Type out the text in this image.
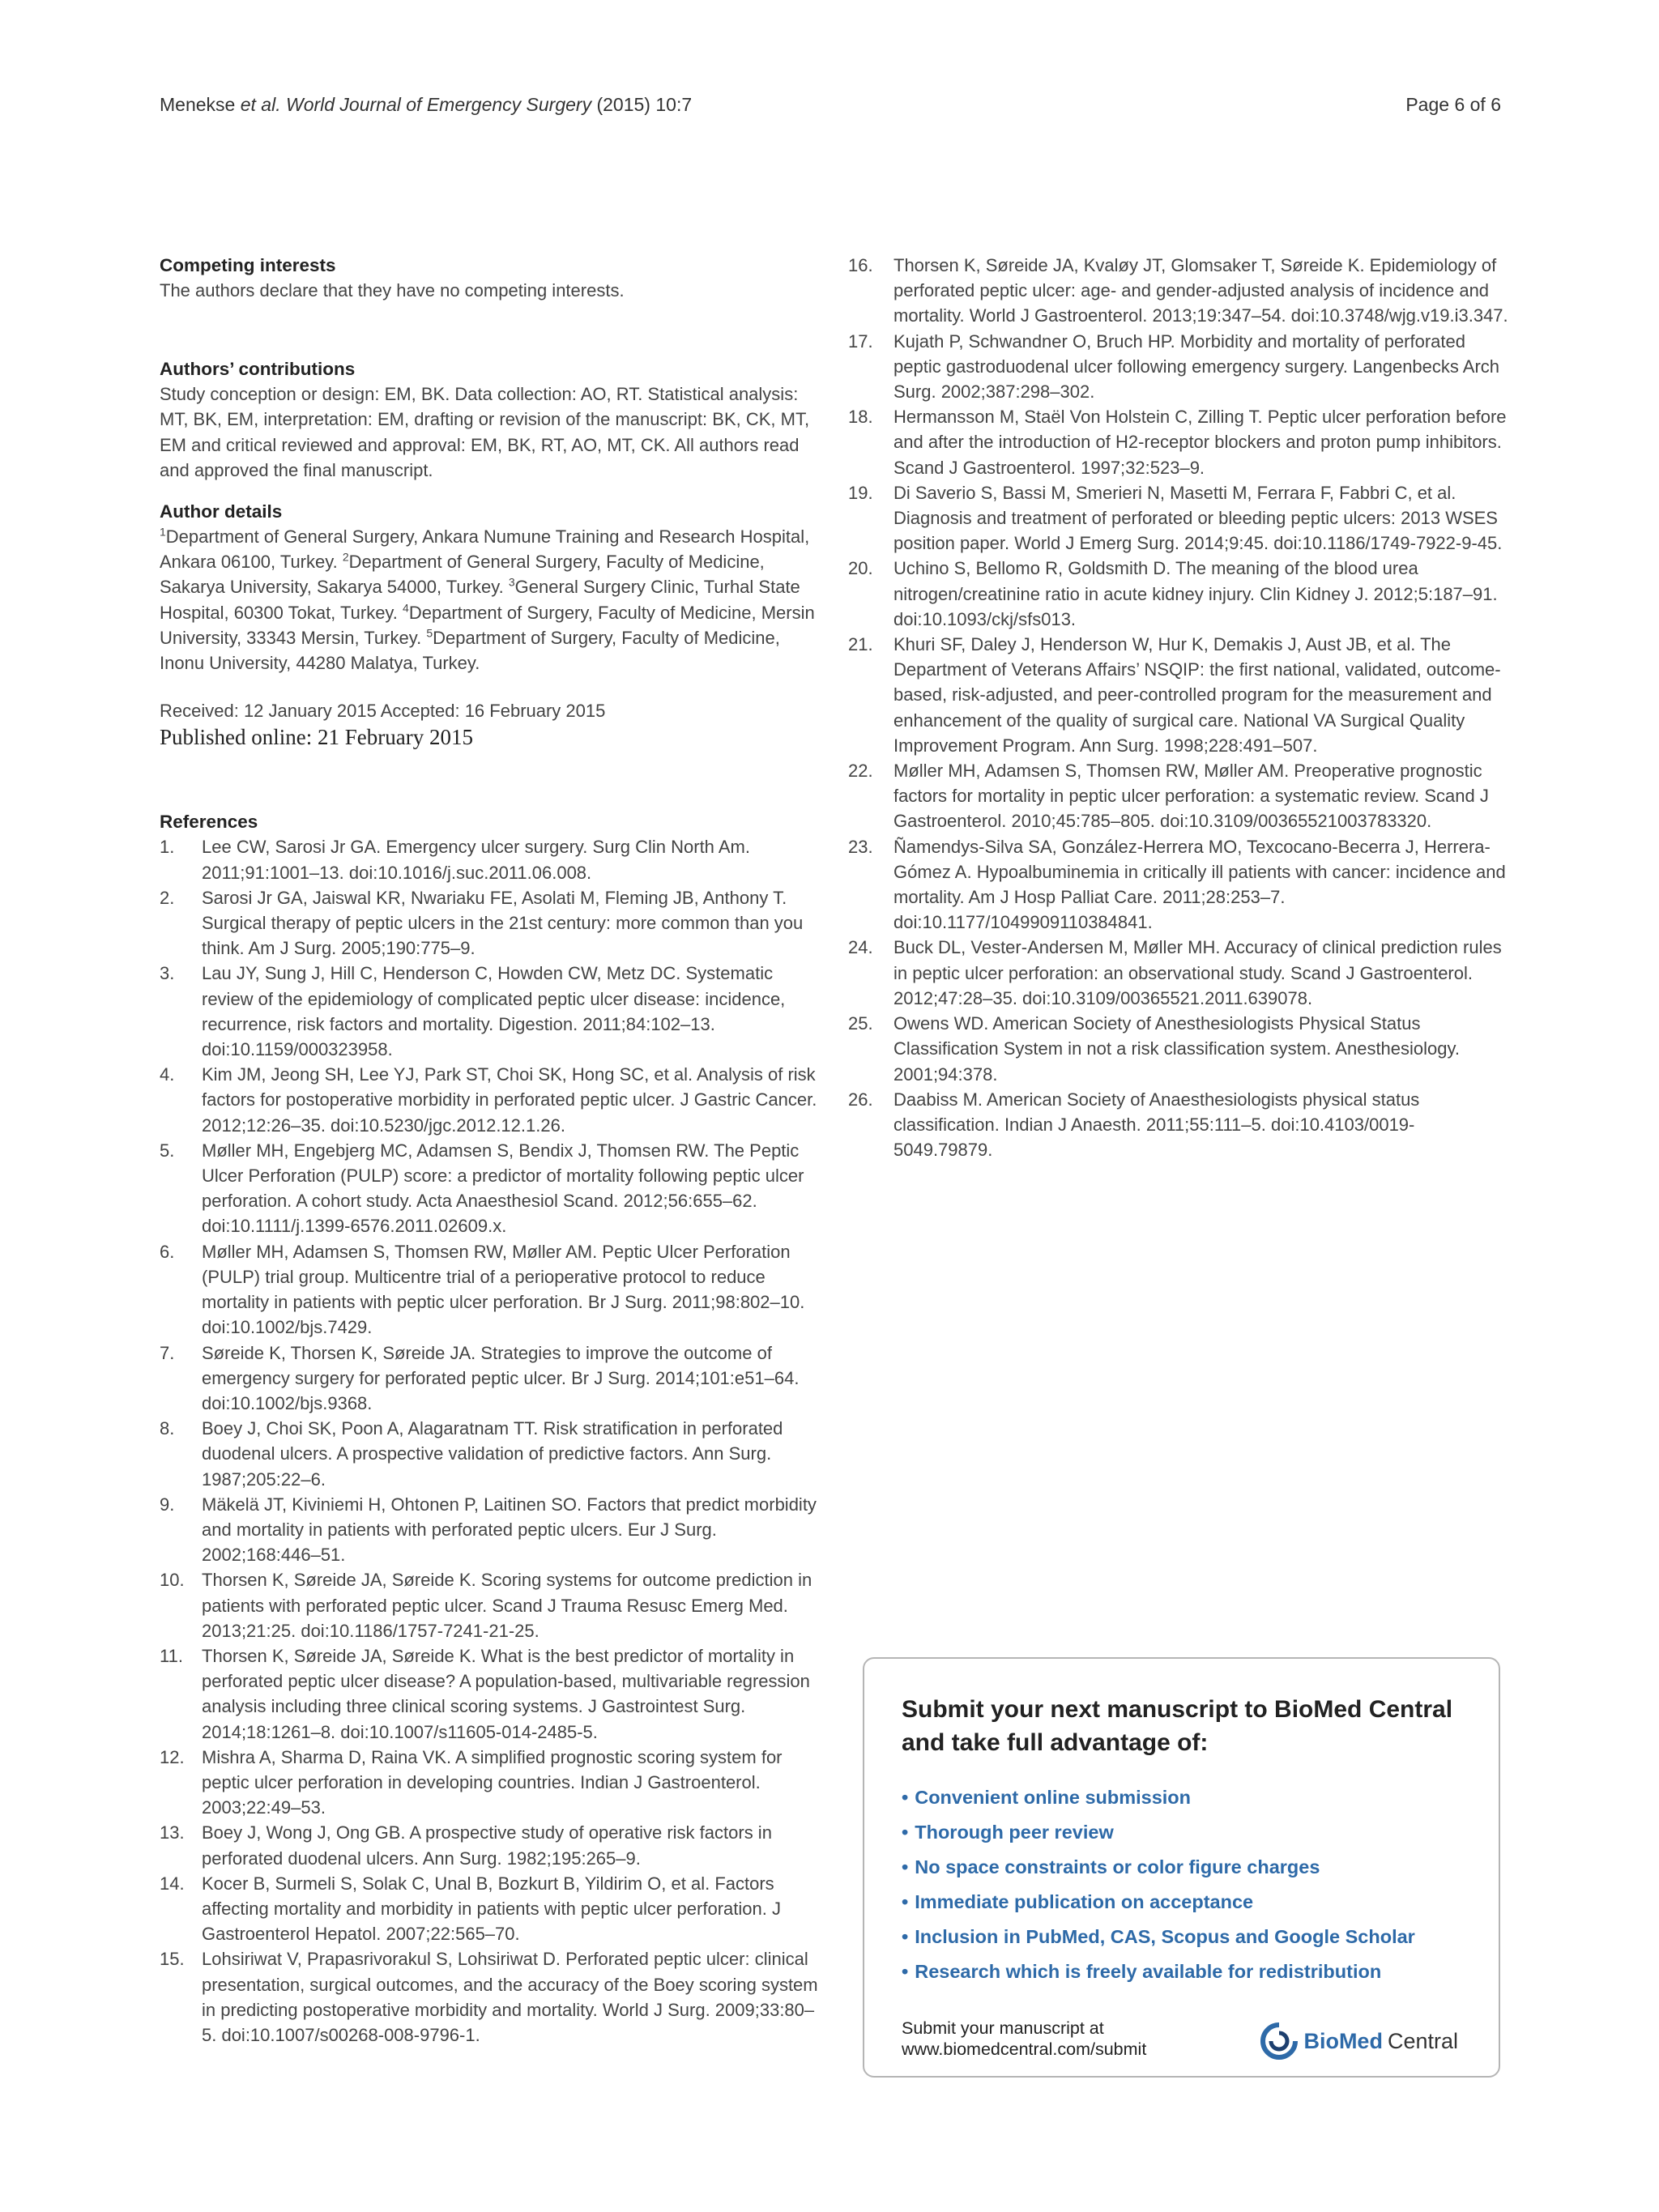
Menekse et al. World Journal of Emergency Surgery (2015) 10:7	Page 6 of 6
Competing interests

The authors declare that they have no competing interests.

Authors’ contributions

Study conception or design: EM, BK. Data collection: AO, RT. Statistical analysis: MT, BK, EM, interpretation: EM, drafting or revision of the manuscript: BK, CK, MT, EM and critical reviewed and approval: EM, BK, RT, AO, MT, CK. All authors read and approved the final manuscript.

Author details

$^1$Department of General Surgery, Ankara Numune Training and Research Hospital, Ankara 06100, Turkey. $^2$Department of General Surgery, Faculty of Medicine, Sakarya University, Sakarya 54000, Turkey. $^3$General Surgery Clinic, Turhal State Hospital, 60300 Tokat, Turkey. $^4$Department of Surgery, Faculty of Medicine, Mersin University, 33343 Mersin, Turkey. $^5$Department of Surgery, Faculty of Medicine, Inonu University, 44280 Malatya, Turkey.

Received: 12 January 2015 Accepted: 16 February 2015

Published online: 21 February 2015

References
1.	Lee CW, Sarosi Jr GA. Emergency ulcer surgery. Surg Clin North Am. 2011;91:1001–13. doi:10.1016/j.suc.2011.06.008.
2.	Sarosi Jr GA, Jaiswal KR, Nwariaku FE, Asolati M, Fleming JB, Anthony T. Surgical therapy of peptic ulcers in the 21st century: more common than you think. Am J Surg. 2005;190:775–9.
3.	Lau JY, Sung J, Hill C, Henderson C, Howden CW, Metz DC. Systematic review of the epidemiology of complicated peptic ulcer disease: incidence, recurrence, risk factors and mortality. Digestion. 2011;84:102–13. doi:10.1159/000323958.
4.	Kim JM, Jeong SH, Lee YJ, Park ST, Choi SK, Hong SC, et al. Analysis of risk factors for postoperative morbidity in perforated peptic ulcer. J Gastric Cancer. 2012;12:26–35. doi:10.5230/jgc.2012.12.1.26.
5.	Møller MH, Engebjerg MC, Adamsen S, Bendix J, Thomsen RW. The Peptic Ulcer Perforation (PULP) score: a predictor of mortality following peptic ulcer perforation. A cohort study. Acta Anaesthesiol Scand. 2012;56:655–62. doi:10.1111/j.1399-6576.2011.02609.x.
6.	Møller MH, Adamsen S, Thomsen RW, Møller AM. Peptic Ulcer Perforation (PULP) trial group. Multicentre trial of a perioperative protocol to reduce mortality in patients with peptic ulcer perforation. Br J Surg. 2011;98:802–10. doi:10.1002/bjs.7429.
7.	Søreide K, Thorsen K, Søreide JA. Strategies to improve the outcome of emergency surgery for perforated peptic ulcer. Br J Surg. 2014;101:e51–64. doi:10.1002/bjs.9368.
8.	Boey J, Choi SK, Poon A, Alagaratnam TT. Risk stratification in perforated duodenal ulcers. A prospective validation of predictive factors. Ann Surg. 1987;205:22–6.
9.	Mäkelä JT, Kiviniemi H, Ohtonen P, Laitinen SO. Factors that predict morbidity and mortality in patients with perforated peptic ulcers. Eur J Surg. 2002;168:446–51.
10. Thorsen K, Søreide JA, Søreide K. Scoring systems for outcome prediction in patients with perforated peptic ulcer. Scand J Trauma Resusc Emerg Med. 2013;21:25. doi:10.1186/1757-7241-21-25.
11.	Thorsen K, Søreide JA, Søreide K. What is the best predictor of mortality in perforated peptic ulcer disease? A population-based, multivariable regression analysis including three clinical scoring systems. J Gastrointest Surg. 2014;18:1261–8. doi:10.1007/s11605-014-2485-5.
12. Mishra A, Sharma D, Raina VK. A simplified prognostic scoring system for peptic ulcer perforation in developing countries. Indian J Gastroenterol. 2003;22:49–53.
13. Boey J, Wong J, Ong GB. A prospective study of operative risk factors in perforated duodenal ulcers. Ann Surg. 1982;195:265–9.
14. Kocer B, Surmeli S, Solak C, Unal B, Bozkurt B, Yildirim O, et al. Factors affecting mortality and morbidity in patients with peptic ulcer perforation. J Gastroenterol Hepatol. 2007;22:565–70.
15. Lohsiriwat V, Prapasrivorakul S, Lohsiriwat D. Perforated peptic ulcer: clinical presentation, surgical outcomes, and the accuracy of the Boey scoring system in predicting postoperative morbidity and mortality. World J Surg. 2009;33:80–5. doi:10.1007/s00268-008-9796-1.
16.	Thorsen K, Søreide JA, Kvaløy JT, Glomsaker T, Søreide K. Epidemiology of perforated peptic ulcer: age- and gender-adjusted analysis of incidence and mortality. World J Gastroenterol. 2013;19:347–54. doi:10.3748/wjg.v19.i3.347.
17.	Kujath P, Schwandner O, Bruch HP. Morbidity and mortality of perforated peptic gastroduodenal ulcer following emergency surgery. Langenbecks Arch Surg. 2002;387:298–302.
18.	Hermansson M, Staël Von Holstein C, Zilling T. Peptic ulcer perforation before and after the introduction of H2-receptor blockers and proton pump inhibitors. Scand J Gastroenterol. 1997;32:523–9.
19.	Di Saverio S, Bassi M, Smerieri N, Masetti M, Ferrara F, Fabbri C, et al. Diagnosis and treatment of perforated or bleeding peptic ulcers: 2013 WSES position paper. World J Emerg Surg. 2014;9:45. doi:10.1186/1749-7922-9-45.
20.	Uchino S, Bellomo R, Goldsmith D. The meaning of the blood urea nitrogen/creatinine ratio in acute kidney injury. Clin Kidney J. 2012;5:187–91. doi:10.1093/ckj/sfs013.
21.	Khuri SF, Daley J, Henderson W, Hur K, Demakis J, Aust JB, et al. The Department of Veterans Affairs’ NSQIP: the first national, validated, outcome-based, risk-adjusted, and peer-controlled program for the measurement and enhancement of the quality of surgical care. National VA Surgical Quality Improvement Program. Ann Surg. 1998;228:491–507.
22.	Møller MH, Adamsen S, Thomsen RW, Møller AM. Preoperative prognostic factors for mortality in peptic ulcer perforation: a systematic review. Scand J Gastroenterol. 2010;45:785–805. doi:10.3109/00365521003783320.
23.	Ñamendys-Silva SA, González-Herrera MO, Texcocano-Becerra J, Herrera-Gómez A. Hypoalbuminemia in critically ill patients with cancer: incidence and mortality. Am J Hosp Palliat Care. 2011;28:253–7. doi:10.1177/1049909110384841.
24.	Buck DL, Vester-Andersen M, Møller MH. Accuracy of clinical prediction rules in peptic ulcer perforation: an observational study. Scand J Gastroenterol. 2012;47:28–35. doi:10.3109/00365521.2011.639078.
25.	Owens WD. American Society of Anesthesiologists Physical Status Classification System in not a risk classification system. Anesthesiology. 2001;94:378.
26.	Daabiss M. American Society of Anaesthesiologists physical status classification. Indian J Anaesth. 2011;55:111–5. doi:10.4103/0019-5049.79879.
Submit your next manuscript to BioMed Central and take full advantage of:
• Convenient online submission
• Thorough peer review
• No space constraints or color figure charges
• Immediate publication on acceptance
• Inclusion in PubMed, CAS, Scopus and Google Scholar
• Research which is freely available for redistribution
Submit your manuscript at
www.biomedcentral.com/submit	BioMed Central
